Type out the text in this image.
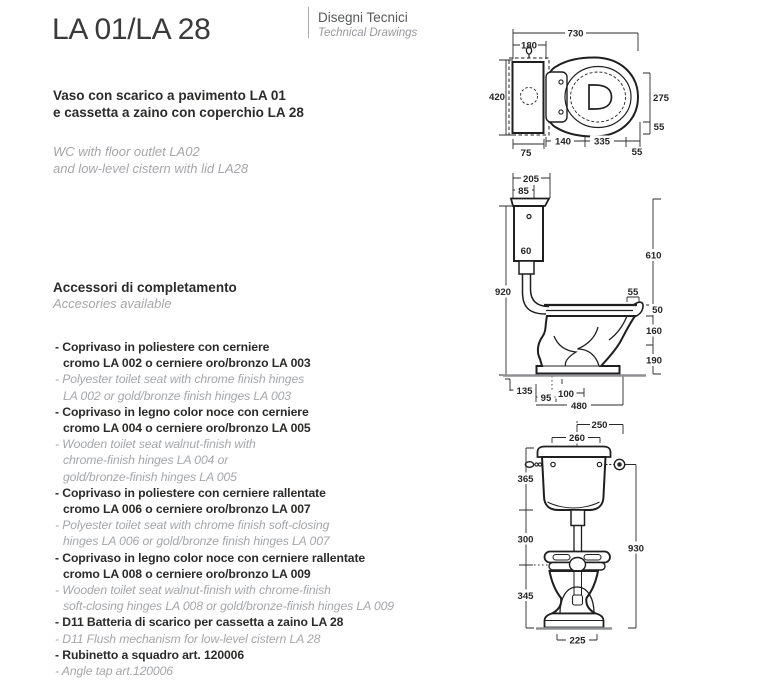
LA 01/LA 28	Disegni Tecnici
Technical Drawings
Vaso con scarico a pavimento LA 01
e cassetta a zaino con coperchio LA 28
WC with floor outlet LA02
and low-level cistern with lid LA28
Accessori di completamento
Accesories available
- Coprivaso in poliestere con cerniere
cromo LA 002 o cerniere oro/bronzo LA 003
- Polyester toilet seat with chrome finish hinges
LA 002 or gold/bronze finish hinges LA 003
- Coprivaso in legno color noce con cerniere
cromo LA 004 o cerniere oro/bronzo LA 005
- Wooden toilet seat walnut-finish with
chrome-finish hinges LA 004 or
gold/bronze-finish hinges LA 005
- Coprivaso in poliestere con cerniere rallentate
cromo LA 006 o cerniere oro/bronzo LA 007
- Polyester toilet seat with chrome finish soft-closing
hinges LA 006 or gold/bronze finish hinges LA 007
- Coprivaso in legno color noce con cerniere rallentate
cromo LA 008 o cerniere oro/bronzo LA 009
- Wooden toilet seat walnut-finish with chrome-finish
soft-closing hinges LA 008 or gold/bronze-finish hinges LA 009
- D11 Batteria di scarico per cassetta a zaino LA 28
- D11 Flush mechanism for low-level cistern LA 28
- Rubinetto a squadro art. 120006
- Angle tap art.120006
730
180
420	275
55
75
140 335
55
205
85
60
920
610
55
50
160
190
135
95 100
480
250
260
365
300
345
930
225
